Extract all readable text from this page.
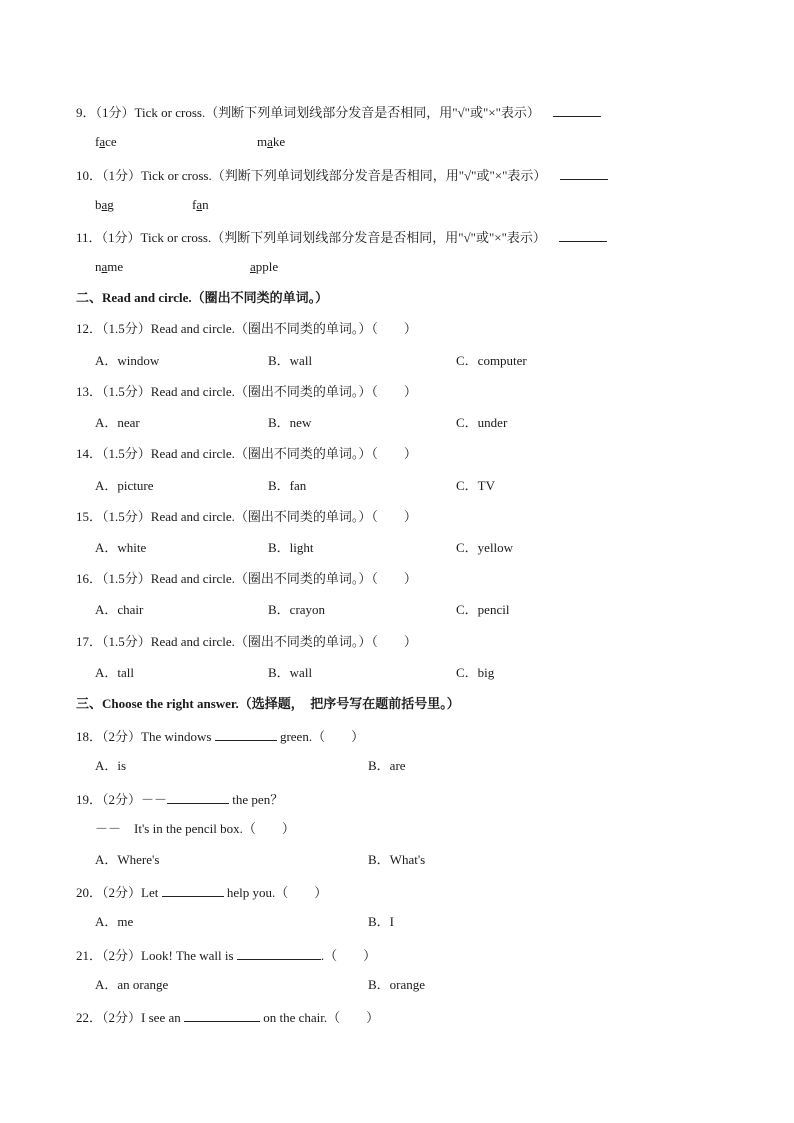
9．（1分）Tick or cross.（判断下列单词划线部分发音是否相同，用"√"或"×"表示）
face	make
10．（1分）Tick or cross.（判断下列单词划线部分发音是否相同，用"√"或"×"表示）
bag	fan
11．（1分）Tick or cross.（判断下列单词划线部分发音是否相同，用"√"或"×"表示）
name	apple
二、Read and circle.（圈出不同类的单词。）
12．（1.5分）Read and circle.（圈出不同类的单词。）（　　）
A．window	B．wall	C．computer
13．（1.5分）Read and circle.（圈出不同类的单词。）（　　）
A．near	B．new	C．under
14．（1.5分）Read and circle.（圈出不同类的单词。）（　　）
A．picture	B．fan	C．TV
15．（1.5分）Read and circle.（圈出不同类的单词。）（　　）
A．white	B．light	C．yellow
16．（1.5分）Read and circle.（圈出不同类的单词。）（　　）
A．chair	B．crayon	C．pencil
17．（1.5分）Read and circle.（圈出不同类的单词。）（　　）
A．tall	B．wall	C．big
三、Choose the right answer.（选择题，　把序号写在题前括号里。）
18．（2分）The windows	green.（　　）
A．is	B．are
19．（2分）－－	the pen？
－－　It's in the pencil box.（　　）
A．Where's	B．What's
20．（2分）Let	help you.（　　）
A．me	B．I
21．（2分）Look! The wall is	.（　　）
A．an orange	B．orange
22．（2分）I see an	on the chair.（　　）
